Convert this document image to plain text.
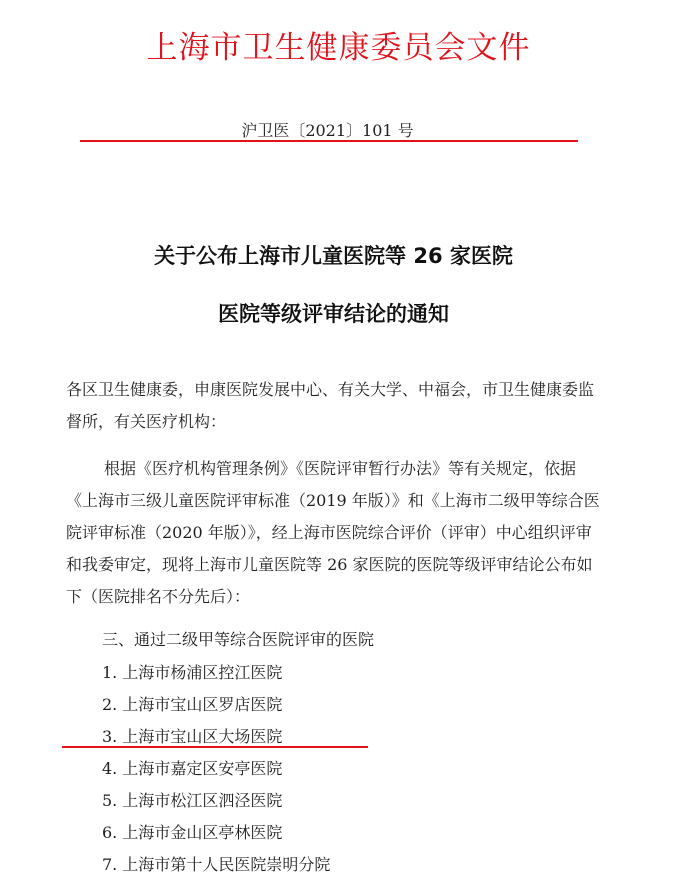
上海市卫生健康委员会文件
沪卫医〔2021〕101 号
关于公布上海市儿童医院等 26 家医院
医院等级评审结论的通知
各区卫生健康委，申康医院发展中心、有关大学、中福会，市卫生健康委监督所，有关医疗机构：
根据《医疗机构管理条例》《医院评审暂行办法》等有关规定，依据《上海市三级儿童医院评审标准（2019 年版）》和《上海市二级甲等综合医院评审标准（2020 年版）》，经上海市医院综合评价（评审）中心组织评审和我委审定，现将上海市儿童医院等 26 家医院的医院等级评审结论公布如下（医院排名不分先后）：
三、通过二级甲等综合医院评审的医院
1. 上海市杨浦区控江医院
2. 上海市宝山区罗店医院
3. 上海市宝山区大场医院
4. 上海市嘉定区安亭医院
5. 上海市松江区泗泾医院
6. 上海市金山区亭林医院
7. 上海市第十人民医院崇明分院
